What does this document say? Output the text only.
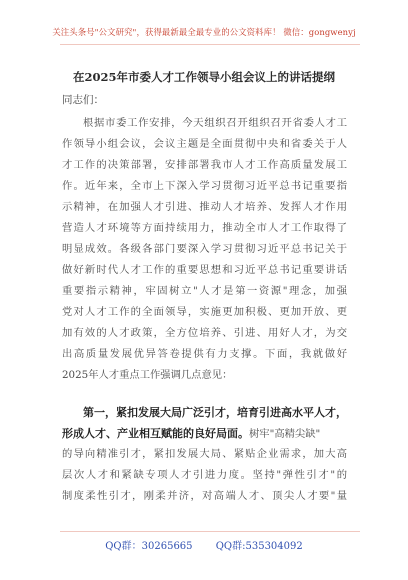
关注头条号"公文研究"，获得最新最全最专业的公文资料库！ 微信：gongwenyj
在2025年市委人才工作领导小组会议上的讲话提纲
同志们：
根据市委工作安排，今天组织召开组织召开省委人才工
作领导小组会议，会议主题是全面贯彻中央和省委关于人
才工作的决策部署，安排部署我市人才工作高质量发展工
作。近年来，全市上下深入学习贯彻习近平总书记重要指
示精神，在加强人才引进、推动人才培养、发挥人才作用
营造人才环境等方面持续用力，推动全市人才工作取得了
明显成效。各级各部门要深入学习贯彻习近平总书记关于
做好新时代人才工作的重要思想和习近平总书记重要讲话
重要指示精神，牢固树立"人才是第一资源"理念，加强
党对人才工作的全面领导，实施更加积极、更加开放、更
加有效的人才政策，全方位培养、引进、用好人才，为交
出高质量发展优异答卷提供有力支撑。下面，我就做好
2025年人才重点工作强调几点意见：
第一，紧扣发展大局广泛引才，培育引进高水平人才，
形成人才、产业相互赋能的良好局面。树牢"高精尖缺"
的导向精准引才，紧扣发展大局、紧贴企业需求，加大高
层次人才和紧缺专项人才引进力度。坚持"弹性引才"的
制度柔性引才，刚柔并济，对高端人才、顶尖人才要"量
QQ群：30265665 QQ群:535304092
